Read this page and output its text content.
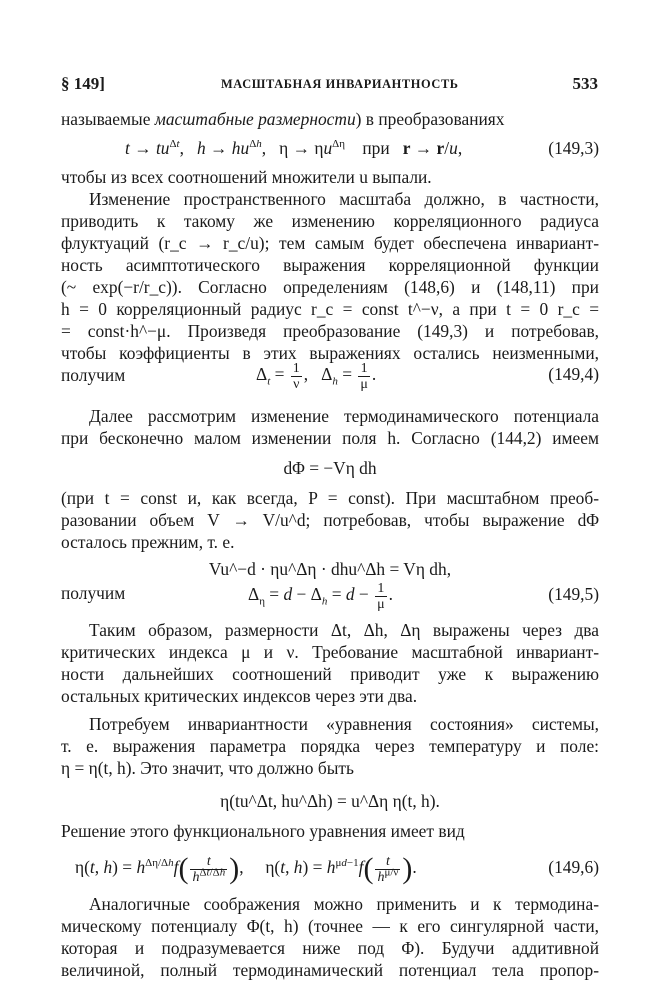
§ 149]	МАСШТАБНАЯ ИНВАРИАНТНОСТЬ	533
называемые масштабные размерности) в преобразованиях
$t \to tu^{\Delta t}$,   $h \to hu^{\Delta h}$,   $\eta \to \eta u^{\Delta\eta}$ при r → r/u,	(149,3)
чтобы из всех соотношений множители u выпали.
Изменение пространственного масштаба должно, в частности,
приводить к такому же изменению корреляционного радиуса
флуктуаций (r_c → r_c/u); тем самым будет обеспечена инвариант-
ность асимптотического выражения корреляционной функции
(~ exp(−r/r_c)). Согласно определениям (148,6) и (148,11) при
h = 0 корреляционный радиус r_c = const t^−ν, а при t = 0 r_c =
= const·h^−μ. Произведя преобразование (149,3) и потребовав,
чтобы коэффициенты в этих выражениях остались неизменными,
получим	$\Delta_t = \frac{1}{\nu}$ ,   $\Delta_h = \frac{1}{\mu}$ .	(149,4)
Далее рассмотрим изменение термодинамического потенциала
при бесконечно малом изменении поля h. Согласно (144,2) имеем
dΦ = −Vη dh
(при t = const и, как всегда, P = const). При масштабном преоб-
разовании объем V → V/u^d; потребовав, чтобы выражение dΦ
осталось прежним, т. е.
Vu^−d · ηu^Δη · dhu^Δh = Vη dh,
получим	$\Delta_\eta = d - \Delta_h = d - \frac{1}{\mu}$ .	(149,5)
Таким образом, размерности Δt, Δh, Δη выражены через два
критических индекса μ и ν. Требование масштабной инвариант-
ности дальнейших соотношений приводит уже к выражению
остальных критических индексов через эти два.
Потребуем инвариантности «уравнения состояния» системы,
т. е. выражения параметра порядка через температуру и поле:
η = η(t, h). Это значит, что должно быть
η(tu^Δt, hu^Δh) = u^Δη η(t, h).
Решение этого функционального уравнения имеет вид
η(t, $h) = h^{\Delta\eta/\Delta h}f( \frac{t}{h^{\Delta t/\Delta h}}$ ),     η(t, $h) = h^{\mu d-1}f( \frac{t}{h^{\mu/\nu}}$ ).	(149,6)
Аналогичные соображения можно применить и к термодина-
мическому потенциалу Φ(t, h) (точнее — к его сингулярной части,
которая и подразумевается ниже под Φ). Будучи аддитивной
величиной, полный термодинамический потенциал тела пропор-
